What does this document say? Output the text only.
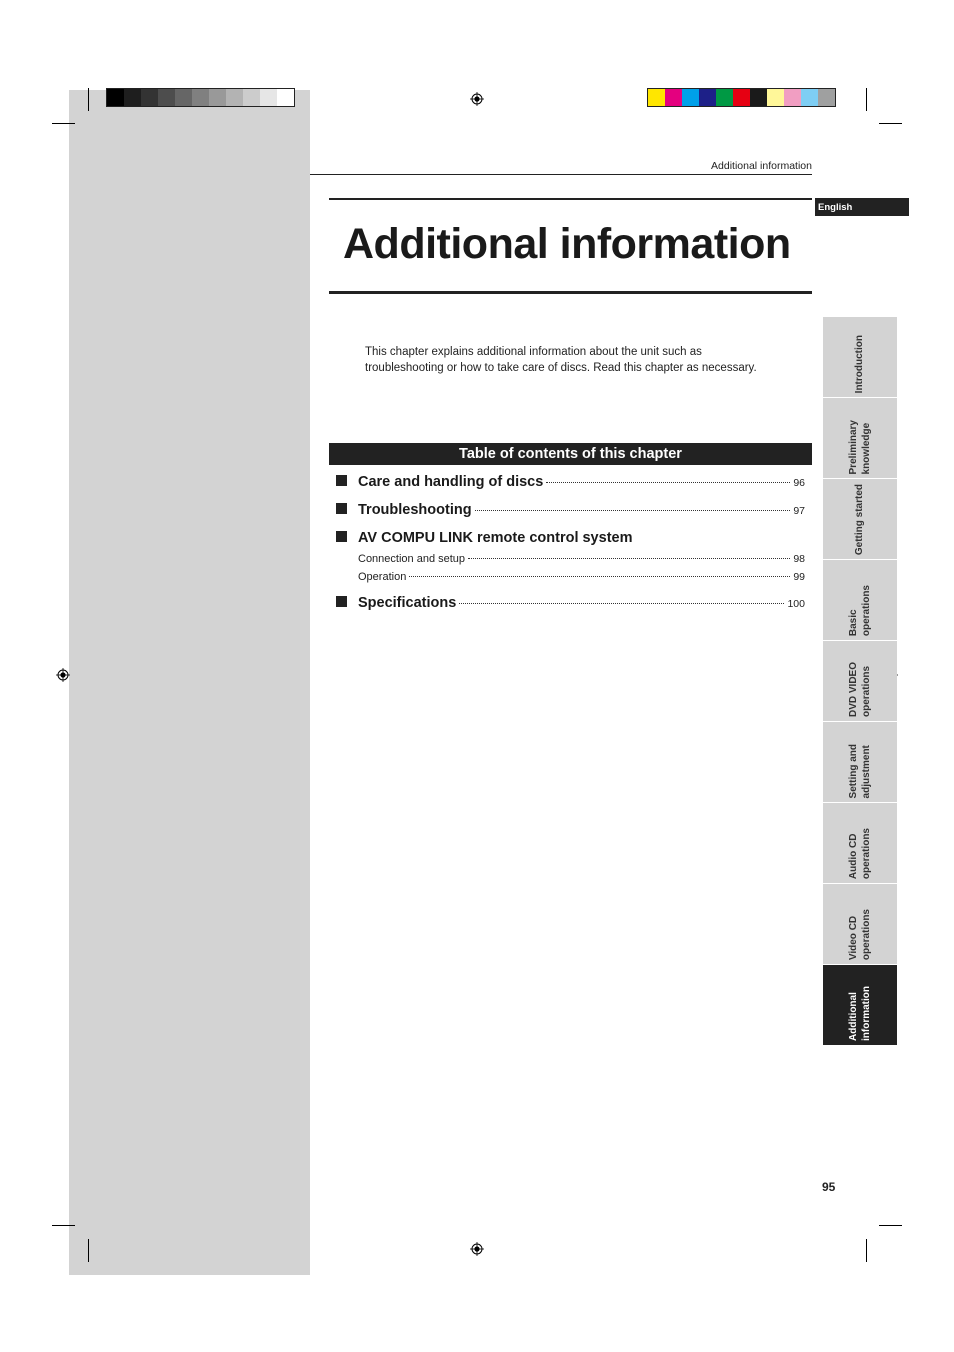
Additional information
English
Additional information
This chapter explains additional information about the unit such as troubleshooting or how to take care of discs. Read this chapter as necessary.
Table of contents of this chapter
Care and handling of discs	96
Troubleshooting	97
AV COMPU LINK remote control system
Connection and setup	98
Operation	99
Specifications	100
Introduction
Preliminary knowledge
Getting started
Basic operations
DVD VIDEO operations
Setting and adjustment
Audio CD operations
Video CD operations
Additional information
95
